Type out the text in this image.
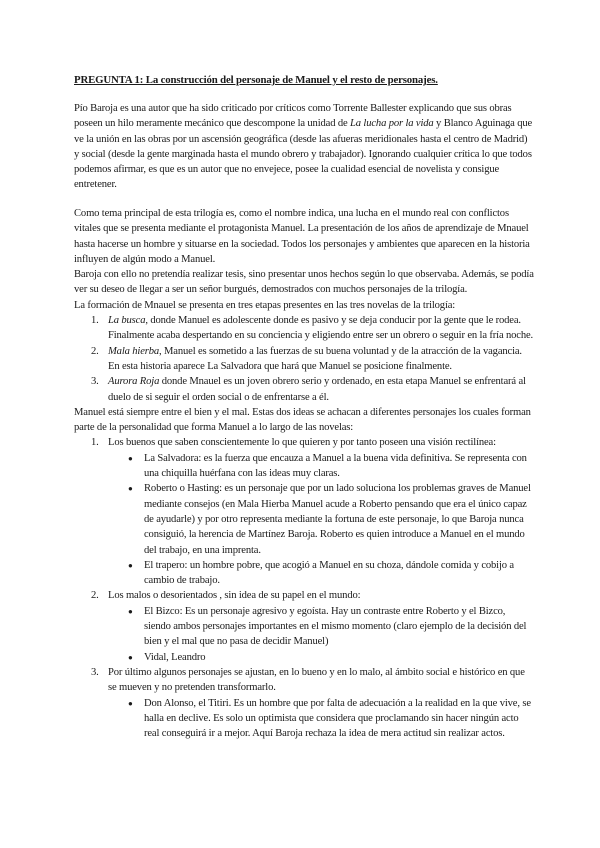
PREGUNTA 1: La construcción del personaje de Manuel y el resto de personajes.

Pío Baroja es una autor que ha sido criticado por críticos como Torrente Ballester explicando que sus obras poseen un hilo meramente mecánico que descompone la unidad de La lucha por la vida y Blanco Aguinaga que ve la unión en las obras por un ascensión geográfica (desde las afueras meridionales hasta el centro de Madrid) y social (desde la gente marginada hasta el mundo obrero y trabajador). Ignorando cualquier crítica lo que todos podemos afirmar, es que es un autor que no envejece, posee la cualidad esencial de novelista y consigue entretener.

Como tema principal de esta trilogía es, como el nombre indica, una lucha en el mundo real con conflictos vitales que se presenta mediante el protagonista Manuel. La presentación de los años de aprendizaje de Mnauel hasta hacerse un hombre y situarse en la sociedad. Todos los personajes y ambientes que aparecen en la historia influyen de algún modo a Manuel.

Baroja con ello no pretendía realizar tesis, sino presentar unos hechos según lo que observaba. Además, se podía ver su deseo de llegar a ser un señor burgués, demostrados con muchos personajes de la trilogía.

La formación de Mnauel se presenta en tres etapas presentes en las tres novelas de la trilogía:

1. La busca, donde Manuel es adolescente donde es pasivo y se deja conducir por la gente que le rodea. Finalmente acaba despertando en su conciencia y eligiendo entre ser un obrero o seguir en la fría noche.
2. Mala hierba, Manuel es sometido a las fuerzas de su buena voluntad y de la atracción de la vagancia. En esta historia aparece La Salvadora que hará que Manuel se posicione finalmente.
3. Aurora Roja donde Mnauel es un joven obrero serio y ordenado, en esta etapa Manuel se enfrentará al duelo de si seguir el orden social o de enfrentarse a él.

Manuel está siempre entre el bien y el mal. Estas dos ideas se achacan a diferentes personajes los cuales forman parte de la personalidad que forma Manuel a lo largo de las novelas:

1. Los buenos que saben conscientemente lo que quieren y por tanto poseen una visión rectilínea:
● La Salvadora: es la fuerza que encauza a Manuel a la buena vida definitiva. Se representa con una chiquilla huérfana con las ideas muy claras.
● Roberto o Hasting: es un personaje que por un lado soluciona los problemas graves de Manuel mediante consejos (en Mala Hierba Manuel acude a Roberto pensando que era el único capaz de ayudarle) y por otro representa mediante la fortuna de este personaje, lo que Baroja nunca consiguió, la herencia de Martínez Baroja. Roberto es quien introduce a Manuel en el mundo del trabajo, en una imprenta.
● El trapero: un hombre pobre, que acogió a Manuel en su choza, dándole comida y cobijo a cambio de trabajo.
2. Los malos o desorientados , sin idea de su papel en el mundo:
● El Bizco: Es un personaje agresivo y egoísta. Hay un contraste entre Roberto y el Bizco, siendo ambos personajes importantes en el mismo momento (claro ejemplo de la decisión del bien y el mal que no pasa de decidir Manuel)
● Vidal, Leandro
3. Por último algunos personajes se ajustan, en lo bueno y en lo malo, al ámbito social e histórico en que se mueven y no pretenden transformarlo.
● Don Alonso, el Titiri. Es un hombre que por falta de adecuación a la realidad en la que vive, se halla en declive. Es solo un optimista que considera que proclamando sin hacer ningún acto real conseguirá ir a mejor. Aquí Baroja rechaza la idea de mera actitud sin realizar actos.
